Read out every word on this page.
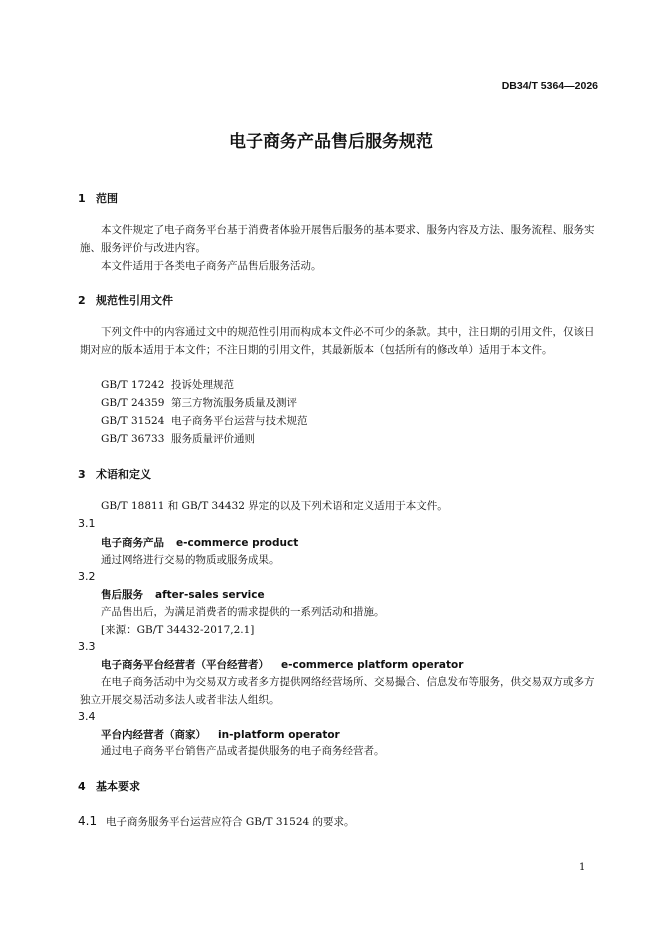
DB34/T 5364—2026
电子商务产品售后服务规范
1 范围
本文件规定了电子商务平台基于消费者体验开展售后服务的基本要求、服务内容及方法、服务流程、服务实施、服务评价与改进内容。
本文件适用于各类电子商务产品售后服务活动。
2 规范性引用文件
下列文件中的内容通过文中的规范性引用而构成本文件必不可少的条款。其中，注日期的引用文件，仅该日期对应的版本适用于本文件；不注日期的引用文件，其最新版本（包括所有的修改单）适用于本文件。
GB/T 17242 投诉处理规范
GB/T 24359 第三方物流服务质量及测评
GB/T 31524 电子商务平台运营与技术规范
GB/T 36733 服务质量评价通则
3 术语和定义
GB/T 18811 和 GB/T 34432 界定的以及下列术语和定义适用于本文件。
3.1
电子商务产品 e-commerce product
通过网络进行交易的物质或服务成果。
3.2
售后服务 after-sales service
产品售出后，为满足消费者的需求提供的一系列活动和措施。
[来源：GB/T 34432-2017,2.1]
3.3
电子商务平台经营者（平台经营者） e-commerce platform operator
在电子商务活动中为交易双方或者多方提供网络经营场所、交易撮合、信息发布等服务，供交易双方或多方独立开展交易活动多法人或者非法人组织。
3.4
平台内经营者（商家） in-platform operator
通过电子商务平台销售产品或者提供服务的电子商务经营者。
4 基本要求
4.1 电子商务服务平台运营应符合 GB/T 31524 的要求。
1
